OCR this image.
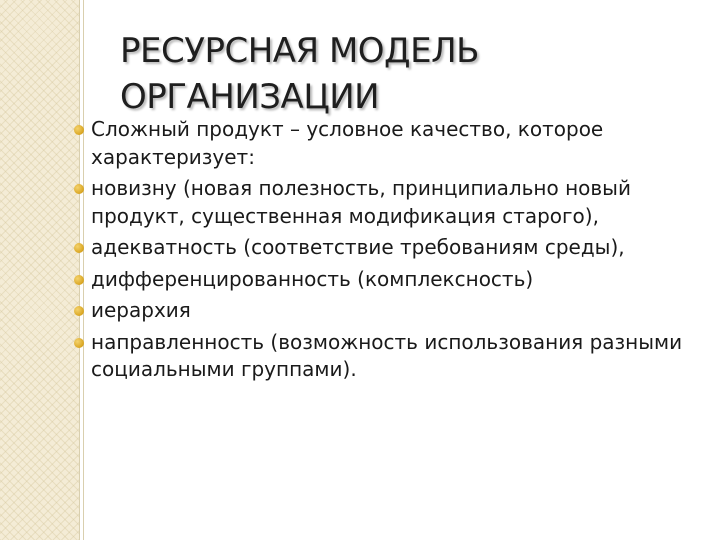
РЕСУРСНАЯ МОДЕЛЬ
ОРГАНИЗАЦИИ
Сложный продукт – условное качество, которое характеризует:
новизну (новая полезность, принципиально новый продукт, существенная модификация старого),
адекватность (соответствие требованиям среды),
дифференцированность (комплексность)
иерархия
направленность (возможность использования разными социальными группами).
